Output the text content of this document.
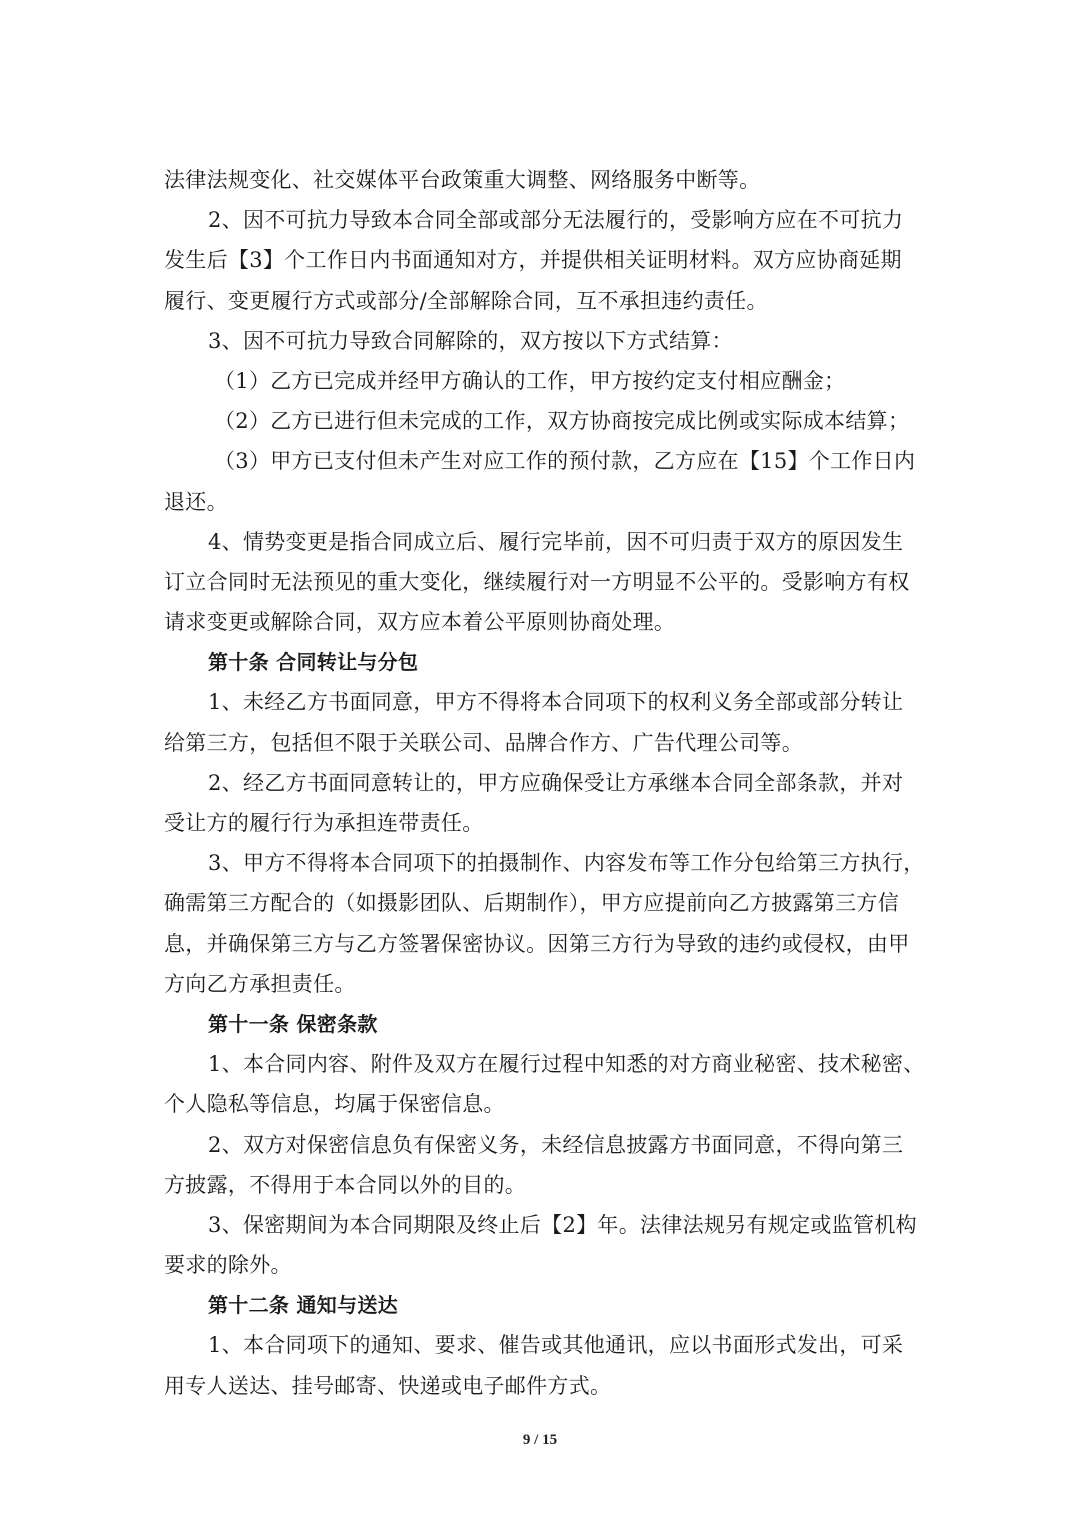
法律法规变化、社交媒体平台政策重大调整、网络服务中断等。
2、因不可抗力导致本合同全部或部分无法履行的，受影响方应在不可抗力
发生后【3】个工作日内书面通知对方，并提供相关证明材料。双方应协商延期
履行、变更履行方式或部分/全部解除合同，互不承担违约责任。
3、因不可抗力导致合同解除的，双方按以下方式结算：
（1）乙方已完成并经甲方确认的工作，甲方按约定支付相应酬金；
（2）乙方已进行但未完成的工作，双方协商按完成比例或实际成本结算；
（3）甲方已支付但未产生对应工作的预付款，乙方应在【15】个工作日内
退还。
4、情势变更是指合同成立后、履行完毕前，因不可归责于双方的原因发生
订立合同时无法预见的重大变化，继续履行对一方明显不公平的。受影响方有权
请求变更或解除合同，双方应本着公平原则协商处理。
第十条 合同转让与分包
1、未经乙方书面同意，甲方不得将本合同项下的权利义务全部或部分转让
给第三方，包括但不限于关联公司、品牌合作方、广告代理公司等。
2、经乙方书面同意转让的，甲方应确保受让方承继本合同全部条款，并对
受让方的履行行为承担连带责任。
3、甲方不得将本合同项下的拍摄制作、内容发布等工作分包给第三方执行，
确需第三方配合的（如摄影团队、后期制作），甲方应提前向乙方披露第三方信
息，并确保第三方与乙方签署保密协议。因第三方行为导致的违约或侵权，由甲
方向乙方承担责任。
第十一条 保密条款
1、本合同内容、附件及双方在履行过程中知悉的对方商业秘密、技术秘密、
个人隐私等信息，均属于保密信息。
2、双方对保密信息负有保密义务，未经信息披露方书面同意，不得向第三
方披露，不得用于本合同以外的目的。
3、保密期间为本合同期限及终止后【2】年。法律法规另有规定或监管机构
要求的除外。
第十二条 通知与送达
1、本合同项下的通知、要求、催告或其他通讯，应以书面形式发出，可采
用专人送达、挂号邮寄、快递或电子邮件方式。
9 / 15
